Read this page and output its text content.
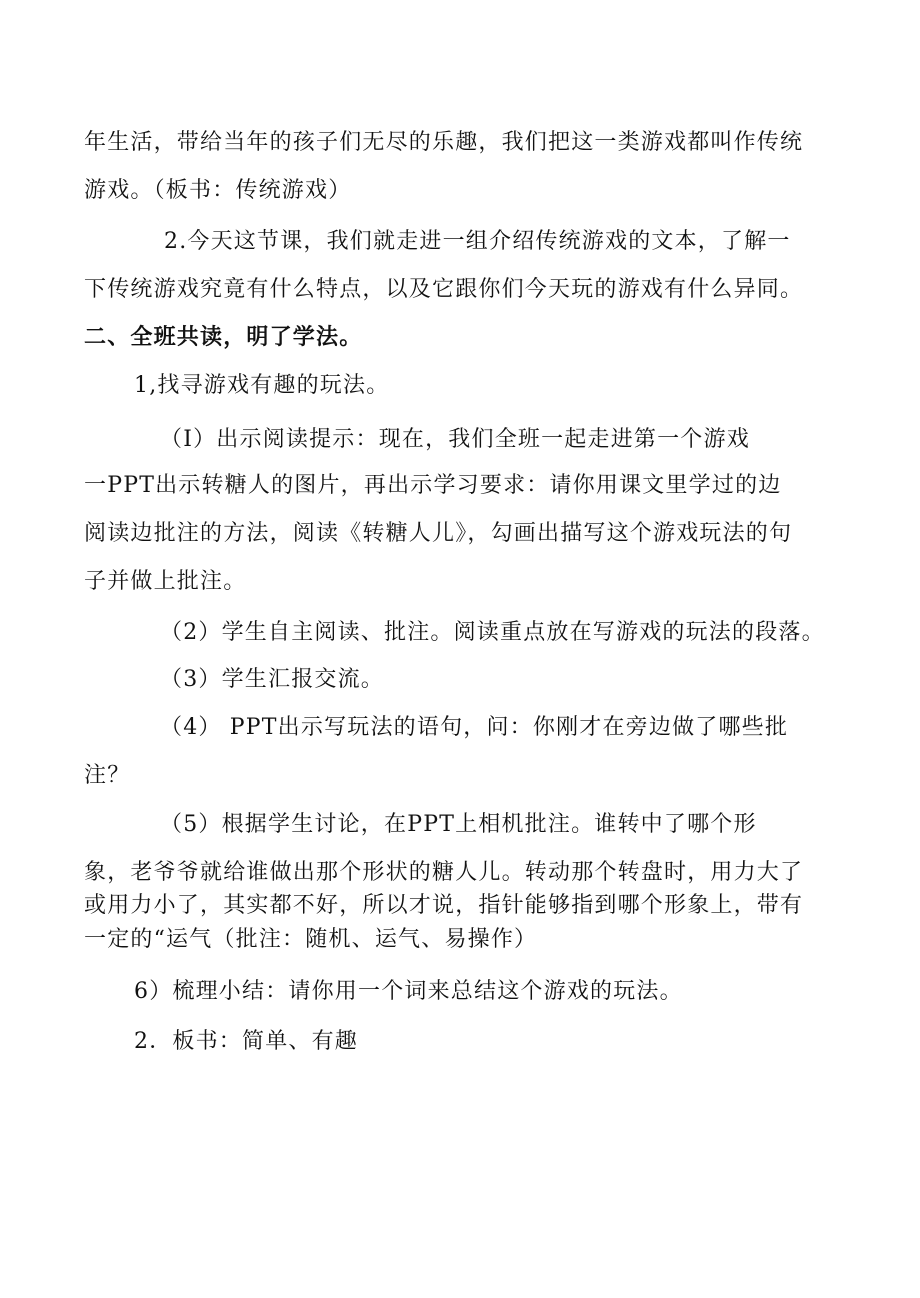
年生活，带给当年的孩子们无尽的乐趣，我们把这一类游戏都叫作传统

游戏。（板书：传统游戏）

2.今天这节课，我们就走进一组介绍传统游戏的文本，了解一

下传统游戏究竟有什么特点，以及它跟你们今天玩的游戏有什么异同。

二、全班共读，明了学法。

1,找寻游戏有趣的玩法。

（I）出示阅读提示：现在，我们全班一起走进第一个游戏

一PPT出示转糖人的图片，再出示学习要求：请你用课文里学过的边

阅读边批注的方法，阅读《转糖人儿》，勾画出描写这个游戏玩法的句

子并做上批注。

（2）学生自主阅读、批注。阅读重点放在写游戏的玩法的段落。

（3）学生汇报交流。

（4） PPT出示写玩法的语句，问：你刚才在旁边做了哪些批

注？

（5）根据学生讨论，在PPT上相机批注。谁转中了哪个形

象，老爷爷就给谁做出那个形状的糖人儿。转动那个转盘时，用力大了

或用力小了，其实都不好，所以才说，指针能够指到哪个形象上，带有

一定的“运气（批注：随机、运气、易操作）

6）梳理小结：请你用一个词来总结这个游戏的玩法。

2．板书：简单、有趣
